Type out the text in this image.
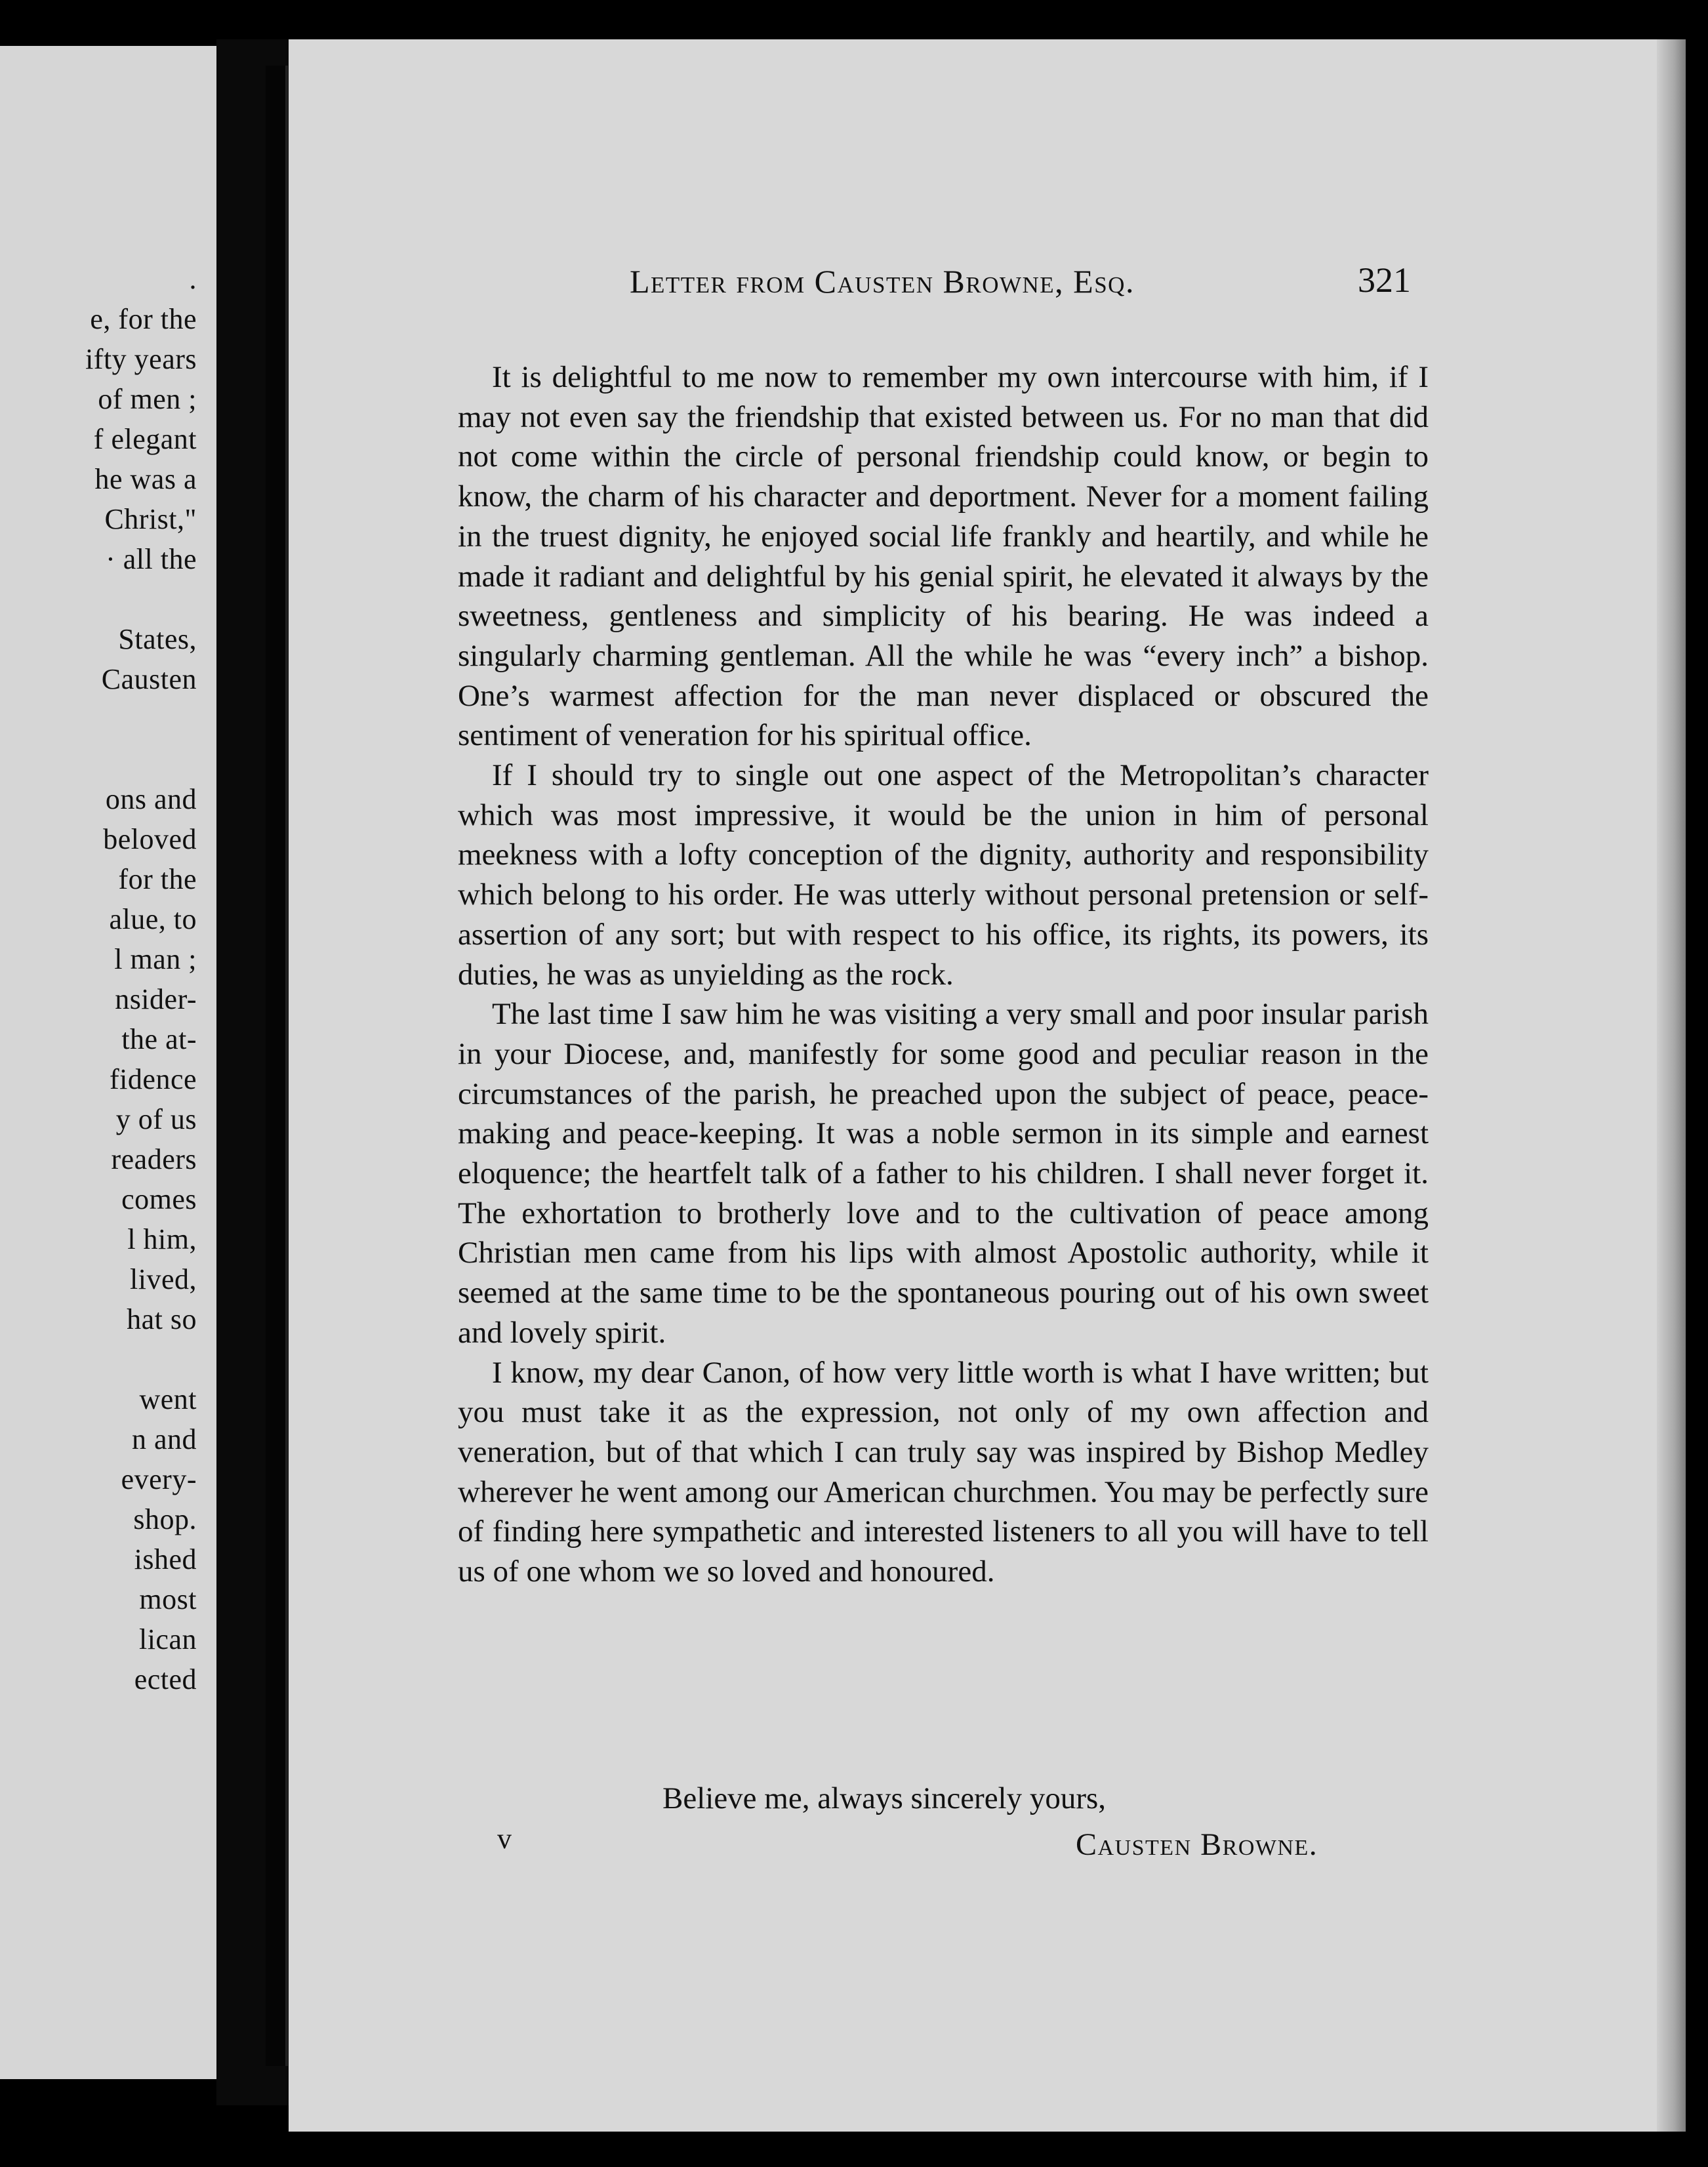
.
e, for the
ifty years
of men ;
f elegant
he was a
Christ,"
· all the
States,
Causten
ons and
beloved
for the
alue, to
l man ;
nsider-
the at-
fidence
y of us
readers
comes
l him,
lived,
hat so
went
n and
every-
shop.
ished
most
lican
ected
Letter from Causten Browne, Esq.	321

It is delightful to me now to remember my own intercourse with him, if I may not even say the friendship that existed between us. For no man that did not come within the circle of personal friendship could know, or begin to know, the charm of his character and deportment. Never for a moment failing in the truest dignity, he enjoyed social life frankly and heartily, and while he made it radiant and delightful by his genial spirit, he elevated it always by the sweetness, gentleness and simplicity of his bearing. He was indeed a singularly charming gentleman. All the while he was “every inch” a bishop. One’s warmest affection for the man never displaced or obscured the sentiment of veneration for his spiritual office.

If I should try to single out one aspect of the Metropolitan’s character which was most impressive, it would be the union in him of personal meekness with a lofty conception of the dignity, authority and responsibility which belong to his order. He was utterly without personal pretension or self-assertion of any sort; but with respect to his office, its rights, its powers, its duties, he was as unyielding as the rock.

The last time I saw him he was visiting a very small and poor insular parish in your Diocese, and, manifestly for some good and peculiar reason in the circumstances of the parish, he preached upon the subject of peace, peace-making and peace-keeping. It was a noble sermon in its simple and earnest eloquence; the heartfelt talk of a father to his children. I shall never forget it. The exhortation to brotherly love and to the cultivation of peace among Christian men came from his lips with almost Apostolic authority, while it seemed at the same time to be the spontaneous pouring out of his own sweet and lovely spirit.

I know, my dear Canon, of how very little worth is what I have written; but you must take it as the expression, not only of my own affection and veneration, but of that which I can truly say was inspired by Bishop Medley wherever he went among our American churchmen. You may be perfectly sure of finding here sympathetic and interested listeners to all you will have to tell us of one whom we so loved and honoured.

Believe me, always sincerely yours,
v	Causten Browne.
